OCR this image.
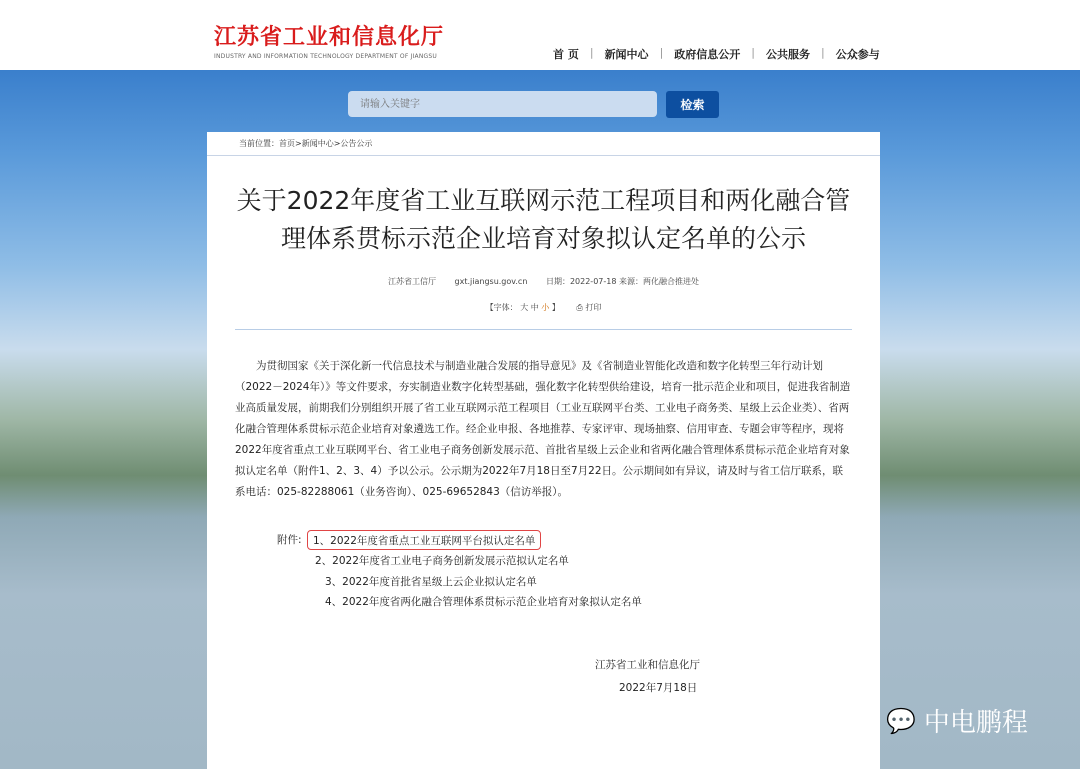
江苏省工业和信息化厅
INDUSTRY AND INFORMATION TECHNOLOGY DEPARTMENT OF JIANGSU	首 页 | 新闻中心 | 政府信息公开 | 公共服务 | 公众参与
请输入关键字
检索
当前位置：首页>新闻中心>公告公示
关于2022年度省工业互联网示范工程项目和两化融合管理体系贯标示范企业培育对象拟认定名单的公示
江苏省工信厅 gxt.jiangsu.gov.cn 日期：2022-07-18 来源：两化融合推进处
【字体： 大 中 小 】 ⎙ 打印

为贯彻国家《关于深化新一代信息技术与制造业融合发展的指导意见》及《省制造业智能化改造和数字化转型三年行动计划（2022－2024年）》等文件要求，夯实制造业数字化转型基础，强化数字化转型供给建设，培育一批示范企业和项目，促进我省制造业高质量发展，前期我们分别组织开展了省工业互联网示范工程项目（工业互联网平台类、工业电子商务类、星级上云企业类）、省两化融合管理体系贯标示范企业培育对象遴选工作。经企业申报、各地推荐、专家评审、现场抽察、信用审查、专题会审等程序，现将2022年度省重点工业互联网平台、省工业电子商务创新发展示范、首批省星级上云企业和省两化融合管理体系贯标示范企业培育对象拟认定名单（附件1、2、3、4）予以公示。公示期为2022年7月18日至7月22日。公示期间如有异议，请及时与省工信厅联系，联系电话：025-82288061（业务咨询）、025-69652843（信访举报）。

附件:	1、2022年度省重点工业互联网平台拟认定名单
2、2022年度省工业电子商务创新发展示范拟认定名单
3、2022年度首批省星级上云企业拟认定名单
4、2022年度省两化融合管理体系贯标示范企业培育对象拟认定名单
江苏省工业和信息化厅
2022年7月18日
💬 中电鹏程
